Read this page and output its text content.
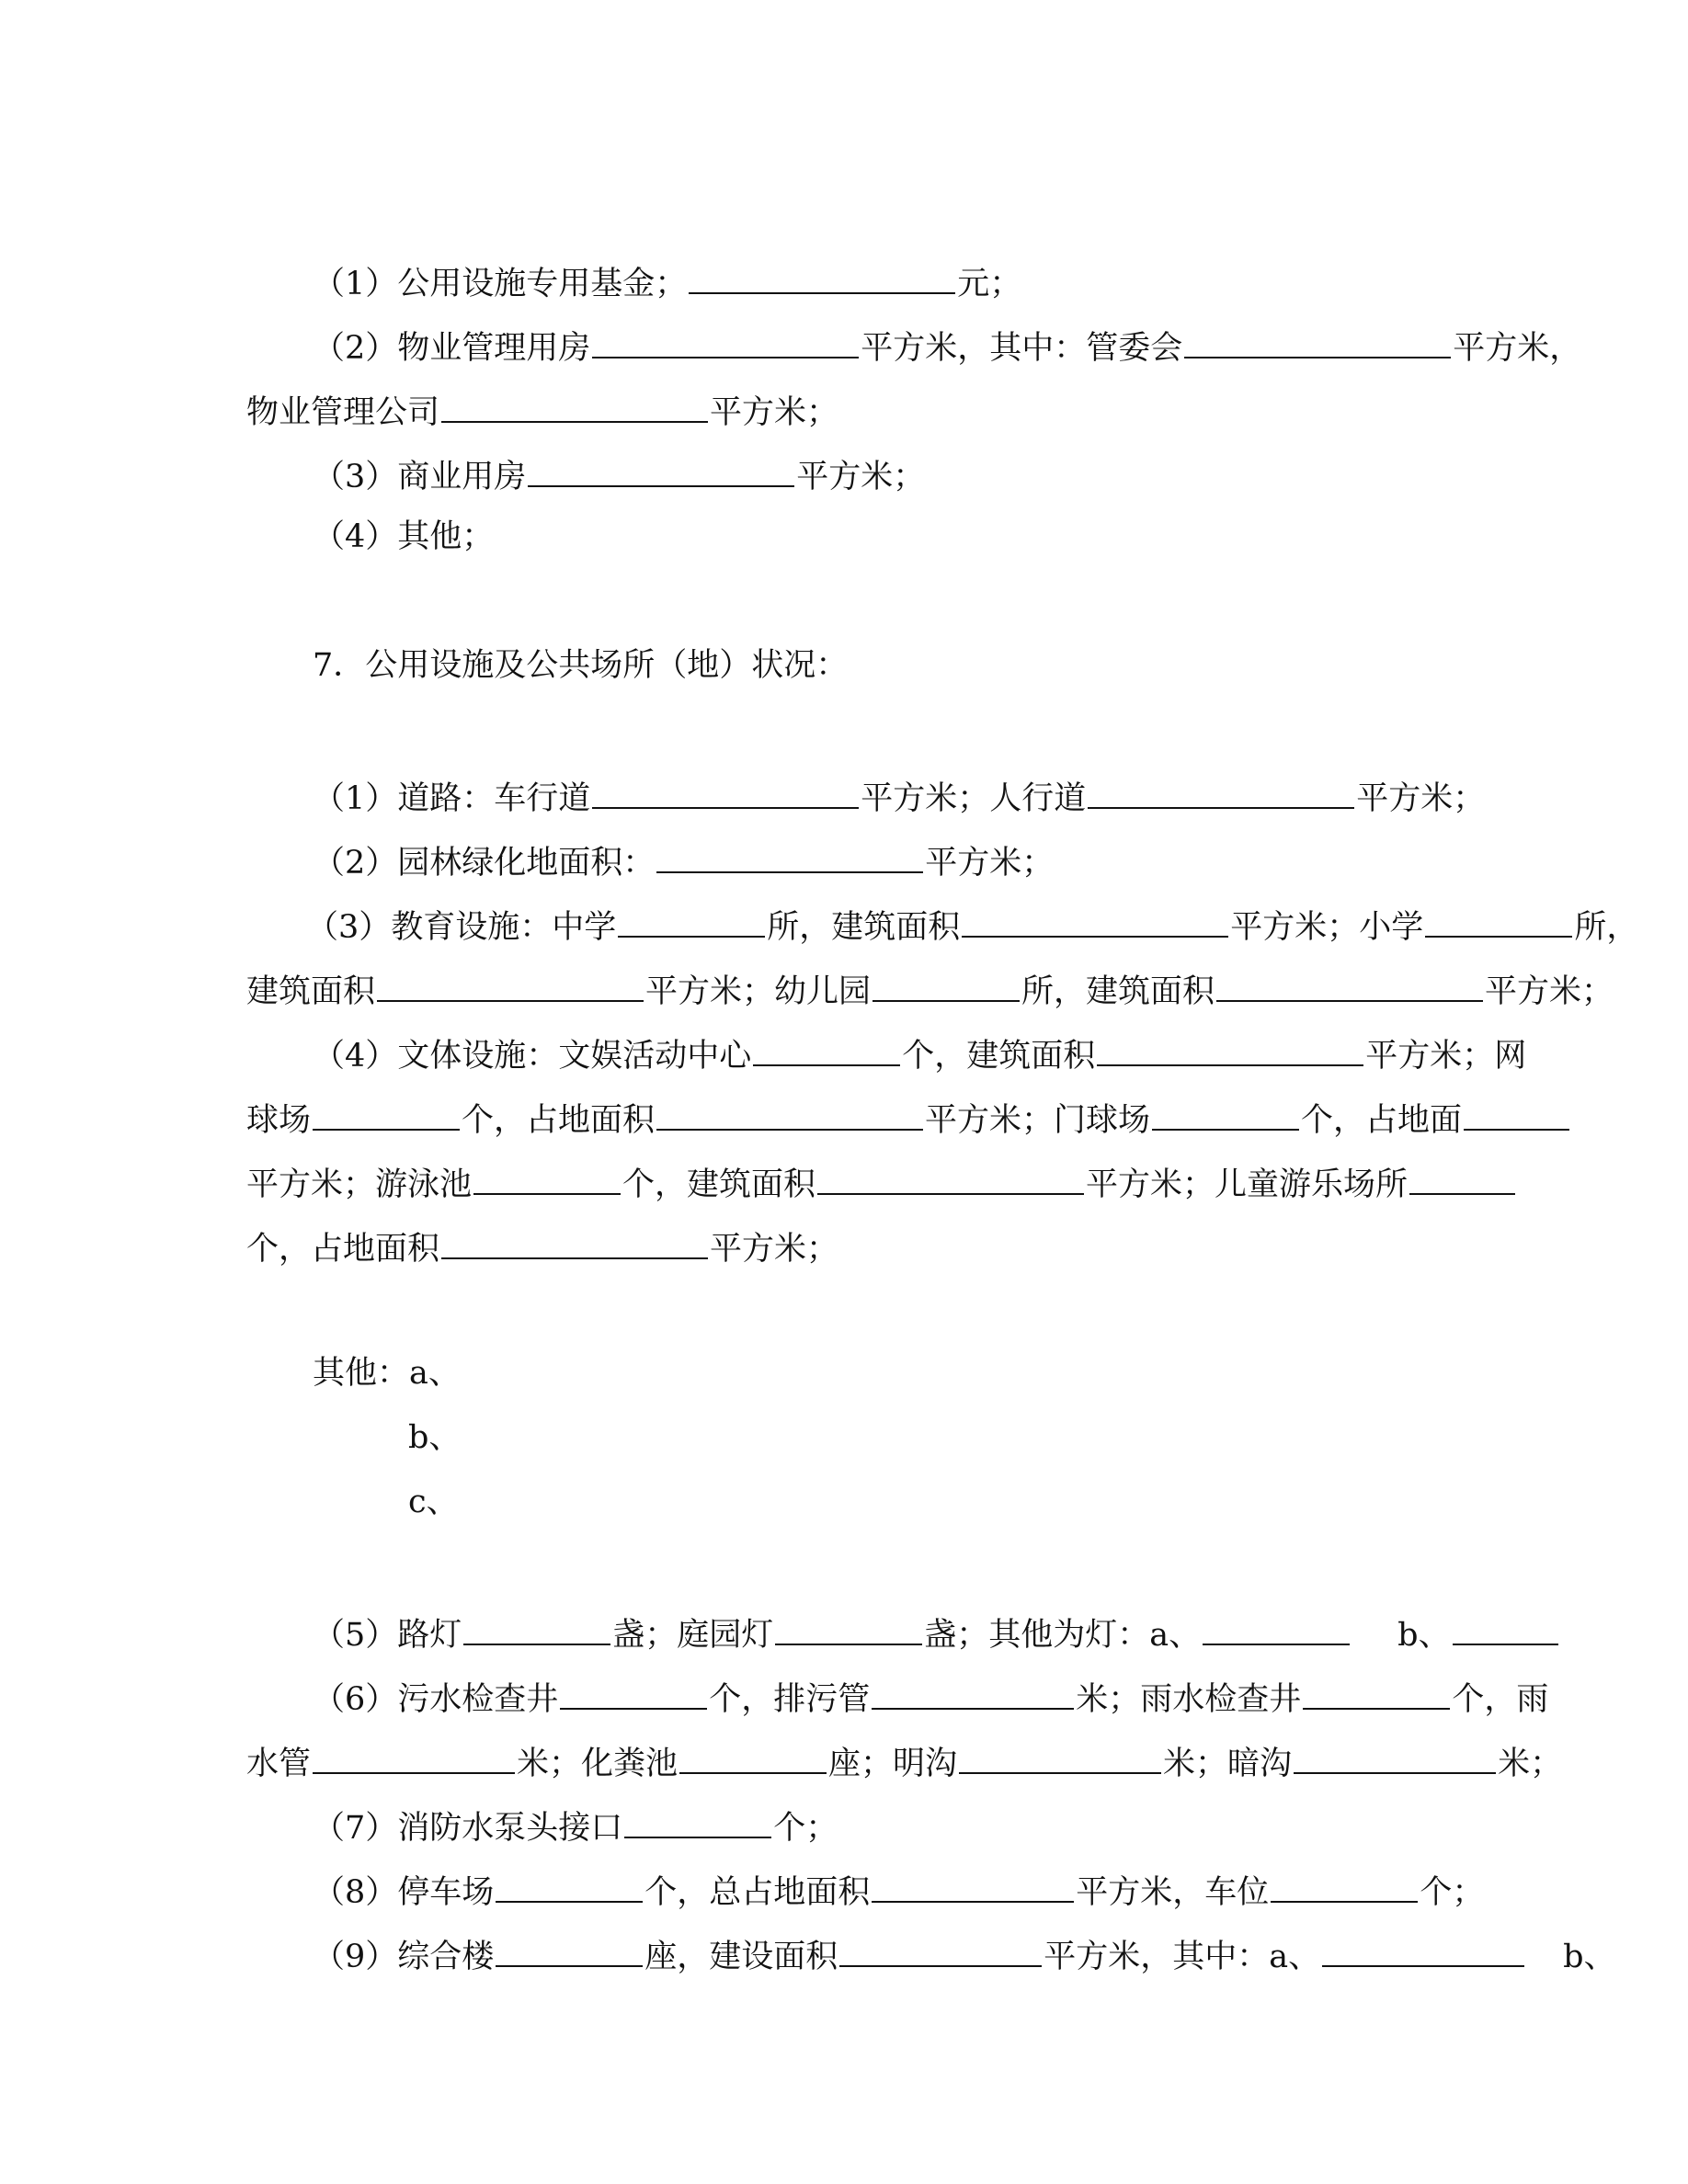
（1）公用设施专用基金；	元；
（2）物业管理用房	平方米，其中：管委会	平方米，
物业管理公司	平方米；
（3）商业用房	平方米；
（4）其他；
7．公用设施及公共场所（地）状况：
（1）道路：车行道	平方米；人行道	平方米；
（2）园林绿化地面积：	平方米；
（3）教育设施：中学	所，建筑面积	平方米；小学	所，
建筑面积	平方米；幼儿园	所，建筑面积	平方米；
（4）文体设施：文娱活动中心	个，建筑面积	平方米；网
球场	个，占地面积	平方米；门球场	个，占地面
平方米；游泳池	个，建筑面积	平方米；儿童游乐场所
个，占地面积	平方米；
其他：a、
b、
c、
（5）路灯	盏；庭园灯	盏；其他为灯：a、	b、
（6）污水检查井	个，排污管	米；雨水检查井	个，雨
水管	米；化粪池	座；明沟	米；暗沟	米；
（7）消防水泵头接口	个；
（8）停车场	个，总占地面积	平方米，车位	个；
（9）综合楼	座，建设面积	平方米，其中：a、	b、
